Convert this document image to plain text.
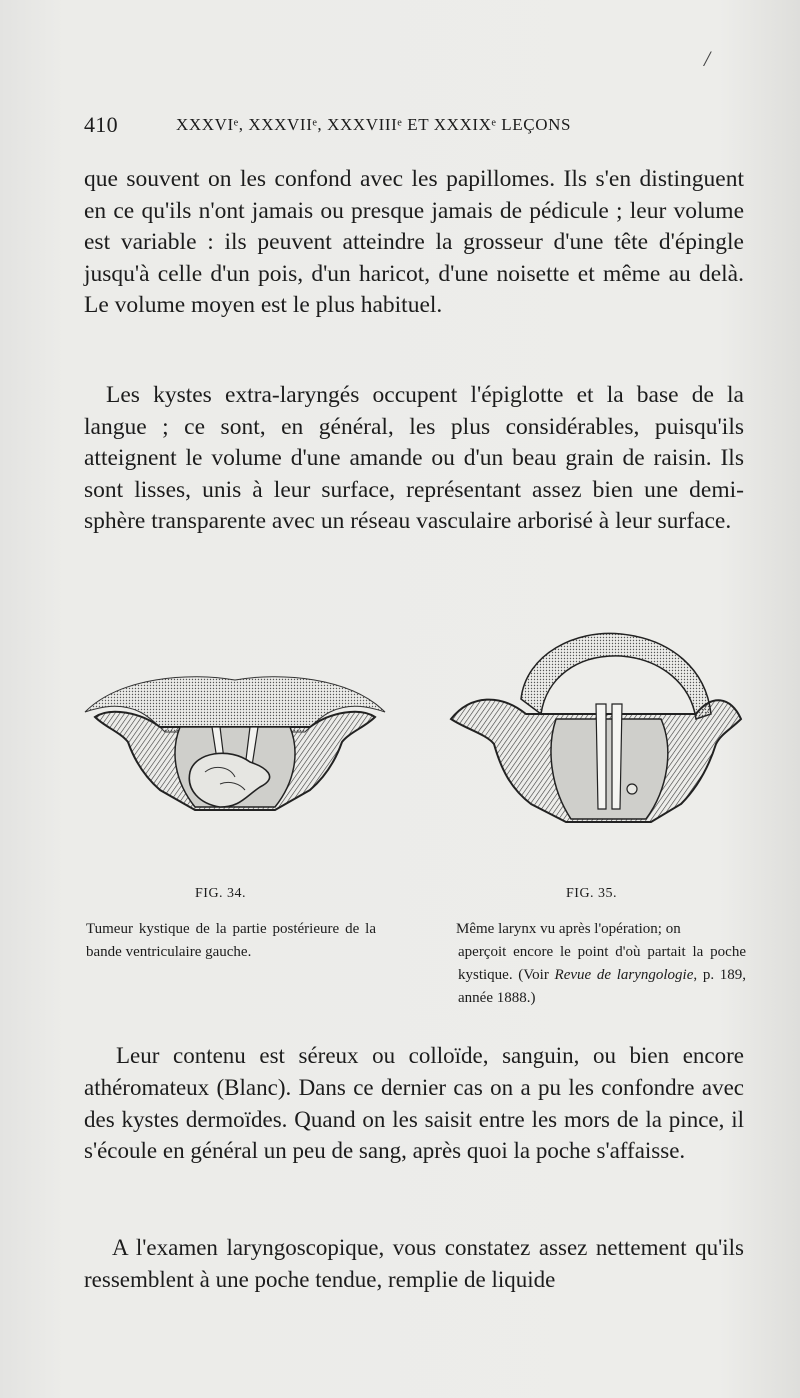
/
410	XXXVIᵉ, XXXVIIᵉ, XXXVIIIᵉ ET XXXIXᵉ LEÇONS

que souvent on les confond avec les papillomes. Ils s'en distinguent en ce qu'ils n'ont jamais ou presque jamais de pédicule ; leur volume est variable : ils peuvent atteindre la grosseur d'une tête d'épingle jusqu'à celle d'un pois, d'un haricot, d'une noisette et même au delà. Le volume moyen est le plus habituel.

Les kystes extra-laryngés occupent l'épiglotte et la base de la langue ; ce sont, en général, les plus considérables, puisqu'ils atteignent le volume d'une amande ou d'un beau grain de raisin. Ils sont lisses, unis à leur surface, représentant assez bien une demi-sphère transparente avec un réseau vasculaire arborisé à leur surface.

FIG. 34.	FIG. 35.

Tumeur kystique de la partie postérieure de la bande ventriculaire gauche.

Même larynx vu après l'opération; on
aperçoit encore le point d'où partait la poche kystique. (Voir Revue de laryngologie, p. 189, année 1888.)

Leur contenu est séreux ou colloïde, sanguin, ou bien encore athéromateux (Blanc). Dans ce dernier cas on a pu les confondre avec des kystes dermoïdes. Quand on les saisit entre les mors de la pince, il s'écoule en général un peu de sang, après quoi la poche s'affaisse.

A l'examen laryngoscopique, vous constatez assez nettement qu'ils ressemblent à une poche tendue, remplie de liquide
